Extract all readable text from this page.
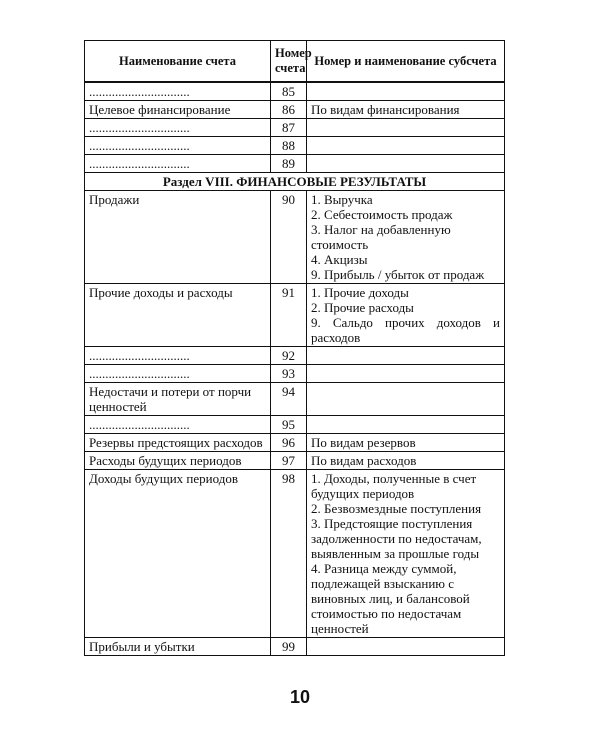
Наименование счета	Номер счета	Номер и наименование субсчета
...............................	85	
Целевое финансирование	86	По видам финансирования
...............................	87	
...............................	88	
...............................	89	
Раздел VIII. ФИНАНСОВЫЕ РЕЗУЛЬТАТЫ		
Продажи	90	1. Выручка
2. Себестоимость продаж
3. Налог на добавленную стоимость
4. Акцизы
9. Прибыль / убыток от продаж

Прочие доходы и расходы	91	1. Прочие доходы
2. Прочие расходы
9. Сальдо прочих доходов и расходов

...............................	92	
...............................	93	
Недостачи и потери от порчи ценностей	94	
...............................	95	
Резервы предстоящих расходов	96	По видам резервов
Расходы будущих периодов	97	По видам расходов
Доходы будущих периодов	98	1. Доходы, полученные в счет будущих периодов
2. Безвозмездные поступления
3. Предстоящие поступления задолженности по недостачам, выявленным за прошлые годы
4. Разница между суммой, подлежащей взысканию с виновных лиц, и балансовой стоимостью по недостачам ценностей

Прибыли и убытки	99	
10
